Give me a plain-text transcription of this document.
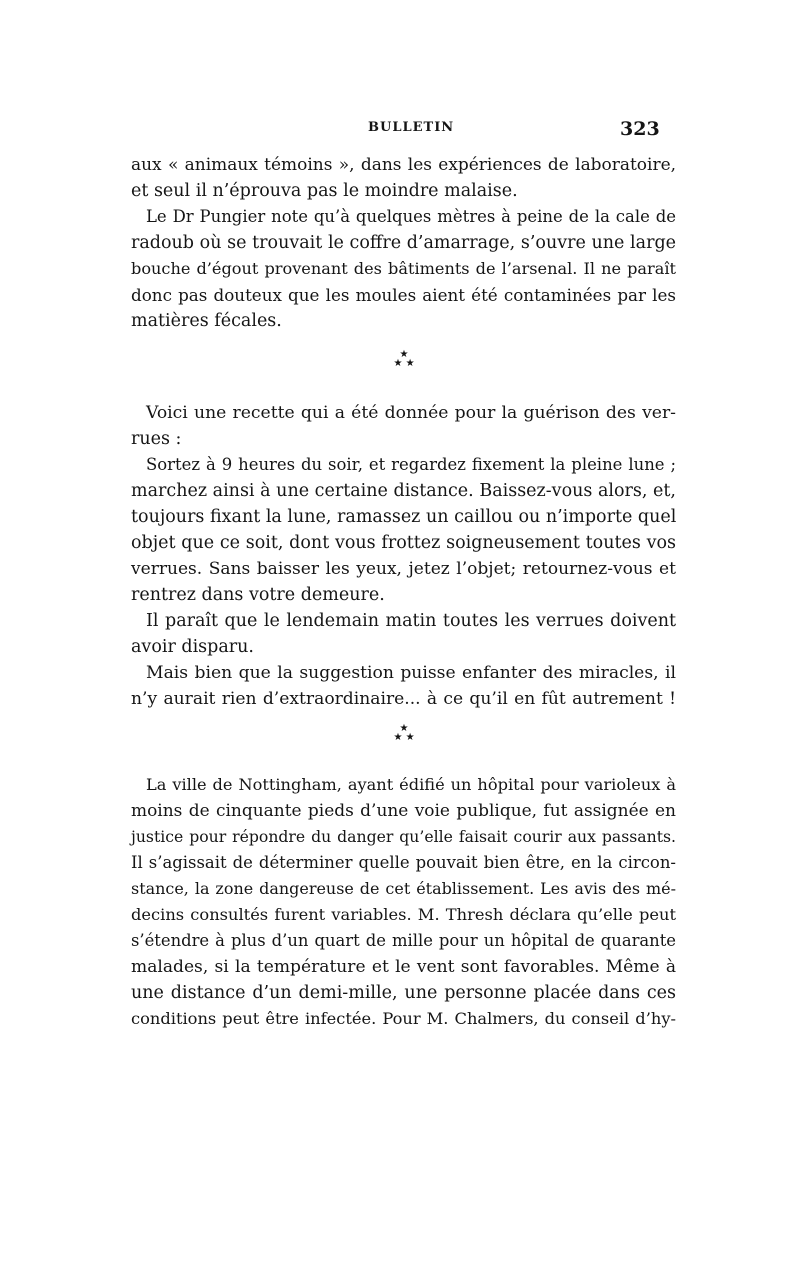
BULLETIN	323
aux « animaux témoins », dans les expériences de laboratoire,
et seul il n’éprouva pas le moindre malaise.
Le Dr Pungier note qu’à quelques mètres à peine de la cale de
radoub où se trouvait le coffre d’amarrage, s’ouvre une large
bouche d’égout provenant des bâtiments de l’arsenal. Il ne paraît
donc pas douteux que les moules aient été contaminées par les
matières fécales.
★
★ ★
Voici une recette qui a été donnée pour la guérison des ver-
rues :
Sortez à 9 heures du soir, et regardez fixement la pleine lune ;
marchez ainsi à une certaine distance. Baissez-vous alors, et,
toujours fixant la lune, ramassez un caillou ou n’importe quel
objet que ce soit, dont vous frottez soigneusement toutes vos
verrues. Sans baisser les yeux, jetez l’objet; retournez-vous et
rentrez dans votre demeure.
Il paraît que le lendemain matin toutes les verrues doivent
avoir disparu.
Mais bien que la suggestion puisse enfanter des miracles, il
n’y aurait rien d’extraordinaire... à ce qu’il en fût autrement !
★
★ ★
La ville de Nottingham, ayant édifié un hôpital pour varioleux à
moins de cinquante pieds d’une voie publique, fut assignée en
justice pour répondre du danger qu’elle faisait courir aux passants.
Il s’agissait de déterminer quelle pouvait bien être, en la circon-
stance, la zone dangereuse de cet établissement. Les avis des mé-
decins consultés furent variables. M. Thresh déclara qu’elle peut
s’étendre à plus d’un quart de mille pour un hôpital de quarante
malades, si la température et le vent sont favorables. Même à
une distance d’un demi-mille, une personne placée dans ces
conditions peut être infectée. Pour M. Chalmers, du conseil d’hy-
